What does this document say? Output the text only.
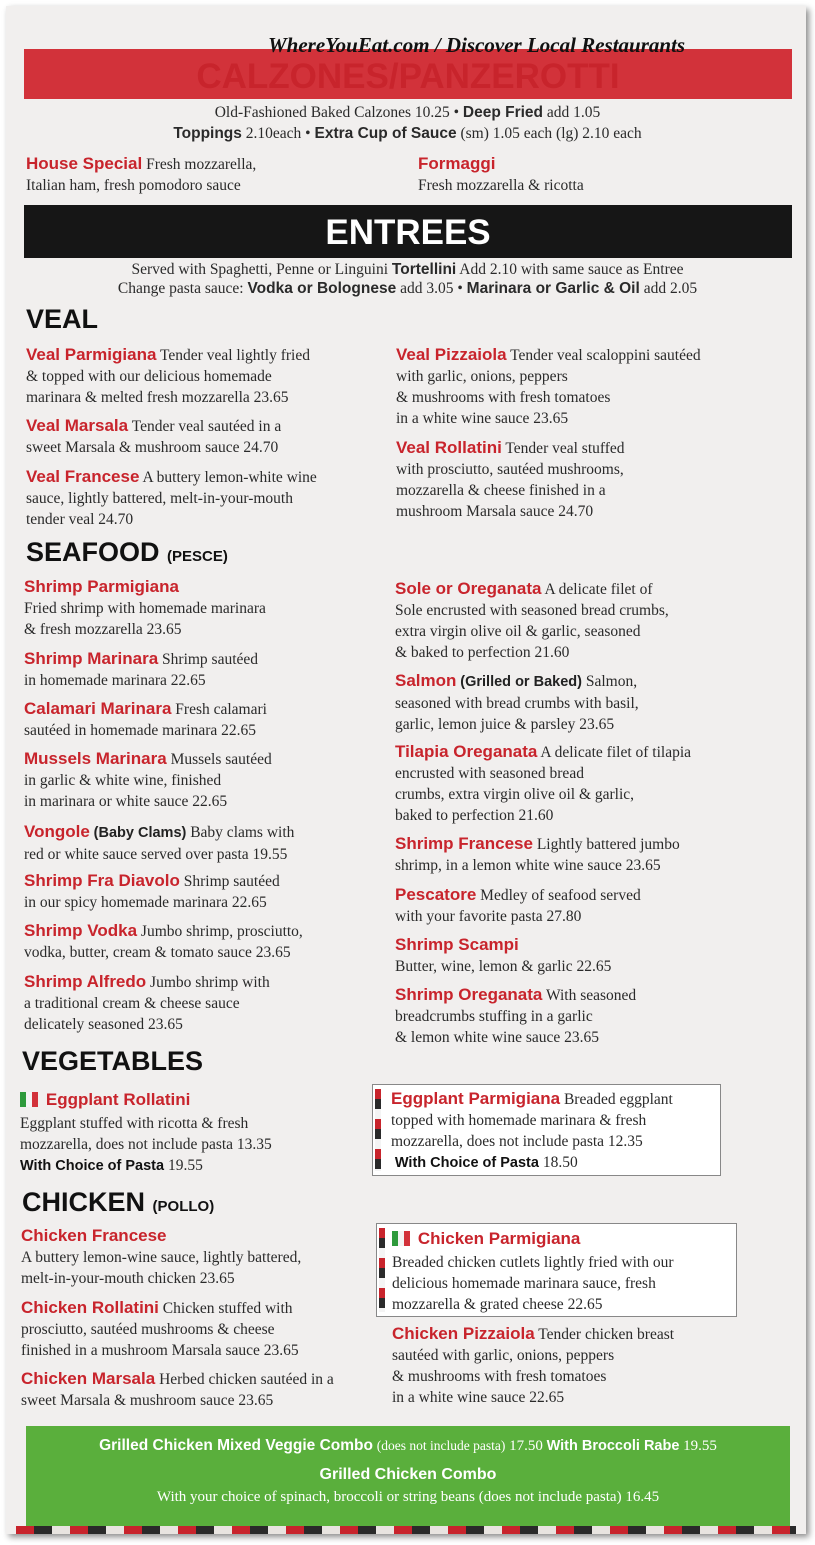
WhereYouEat.com / Discover Local Restaurants
CALZONES/PANZEROTTI
Old-Fashioned Baked Calzones 10.25 • Deep Fried add 1.05
Toppings 2.10each • Extra Cup of Sauce (sm) 1.05 each (lg) 2.10 each
House Special Fresh mozzarella,
Italian ham, fresh pomodoro sauce
Formaggi
Fresh mozzarella & ricotta
ENTREES
Served with Spaghetti, Penne or Linguini Tortellini Add 2.10 with same sauce as Entree
Change pasta sauce: Vodka or Bolognese add 3.05 • Marinara or Garlic & Oil add 2.05
VEAL
Veal Parmigiana Tender veal lightly fried
& topped with our delicious homemade
marinara & melted fresh mozzarella 23.65
Veal Marsala Tender veal sautéed in a
sweet Marsala & mushroom sauce 24.70
Veal Francese A buttery lemon-white wine
sauce, lightly battered, melt-in-your-mouth
tender veal 24.70
Veal Pizzaiola Tender veal scaloppini sautéed
with garlic, onions, peppers
& mushrooms with fresh tomatoes
in a white wine sauce 23.65
Veal Rollatini Tender veal stuffed
with prosciutto, sautéed mushrooms,
mozzarella & cheese finished in a
mushroom Marsala sauce 24.70
SEAFOOD (PESCE)
Shrimp Parmigiana
Fried shrimp with homemade marinara
& fresh mozzarella 23.65
Shrimp Marinara Shrimp sautéed
in homemade marinara 22.65
Calamari Marinara Fresh calamari
sautéed in homemade marinara 22.65
Mussels Marinara Mussels sautéed
in garlic & white wine, finished
in marinara or white sauce 22.65
Vongole (Baby Clams) Baby clams with
red or white sauce served over pasta 19.55
Shrimp Fra Diavolo Shrimp sautéed
in our spicy homemade marinara 22.65
Shrimp Vodka Jumbo shrimp, prosciutto,
vodka, butter, cream & tomato sauce 23.65
Shrimp Alfredo Jumbo shrimp with
a traditional cream & cheese sauce
delicately seasoned 23.65
Sole or Oreganata A delicate filet of
Sole encrusted with seasoned bread crumbs,
extra virgin olive oil & garlic, seasoned
& baked to perfection 21.60
Salmon (Grilled or Baked) Salmon,
seasoned with bread crumbs with basil,
garlic, lemon juice & parsley 23.65
Tilapia Oreganata A delicate filet of tilapia
encrusted with seasoned bread
crumbs, extra virgin olive oil & garlic,
baked to perfection 21.60
Shrimp Francese Lightly battered jumbo
shrimp, in a lemon white wine sauce 23.65
Pescatore Medley of seafood served
with your favorite pasta 27.80
Shrimp Scampi
Butter, wine, lemon & garlic 22.65
Shrimp Oreganata With seasoned
breadcrumbs stuffing in a garlic
& lemon white wine sauce 23.65
VEGETABLES
Eggplant Rollatini
Eggplant stuffed with ricotta & fresh
mozzarella, does not include pasta 13.35
With Choice of Pasta 19.55
Eggplant Parmigiana Breaded eggplant
topped with homemade marinara & fresh
mozzarella, does not include pasta 12.35
With Choice of Pasta 18.50
CHICKEN (POLLO)
Chicken Francese
A buttery lemon-wine sauce, lightly battered,
melt-in-your-mouth chicken 23.65
Chicken Rollatini Chicken stuffed with
prosciutto, sautéed mushrooms & cheese
finished in a mushroom Marsala sauce 23.65
Chicken Marsala Herbed chicken sautéed in a
sweet Marsala & mushroom sauce 23.65
Chicken Parmigiana
Breaded chicken cutlets lightly fried with our
delicious homemade marinara sauce, fresh
mozzarella & grated cheese 22.65
Chicken Pizzaiola Tender chicken breast
sautéed with garlic, onions, peppers
& mushrooms with fresh tomatoes
in a white wine sauce 22.65
Grilled Chicken Mixed Veggie Combo (does not include pasta) 17.50 With Broccoli Rabe 19.55
Grilled Chicken Combo
With your choice of spinach, broccoli or string beans (does not include pasta) 16.45
